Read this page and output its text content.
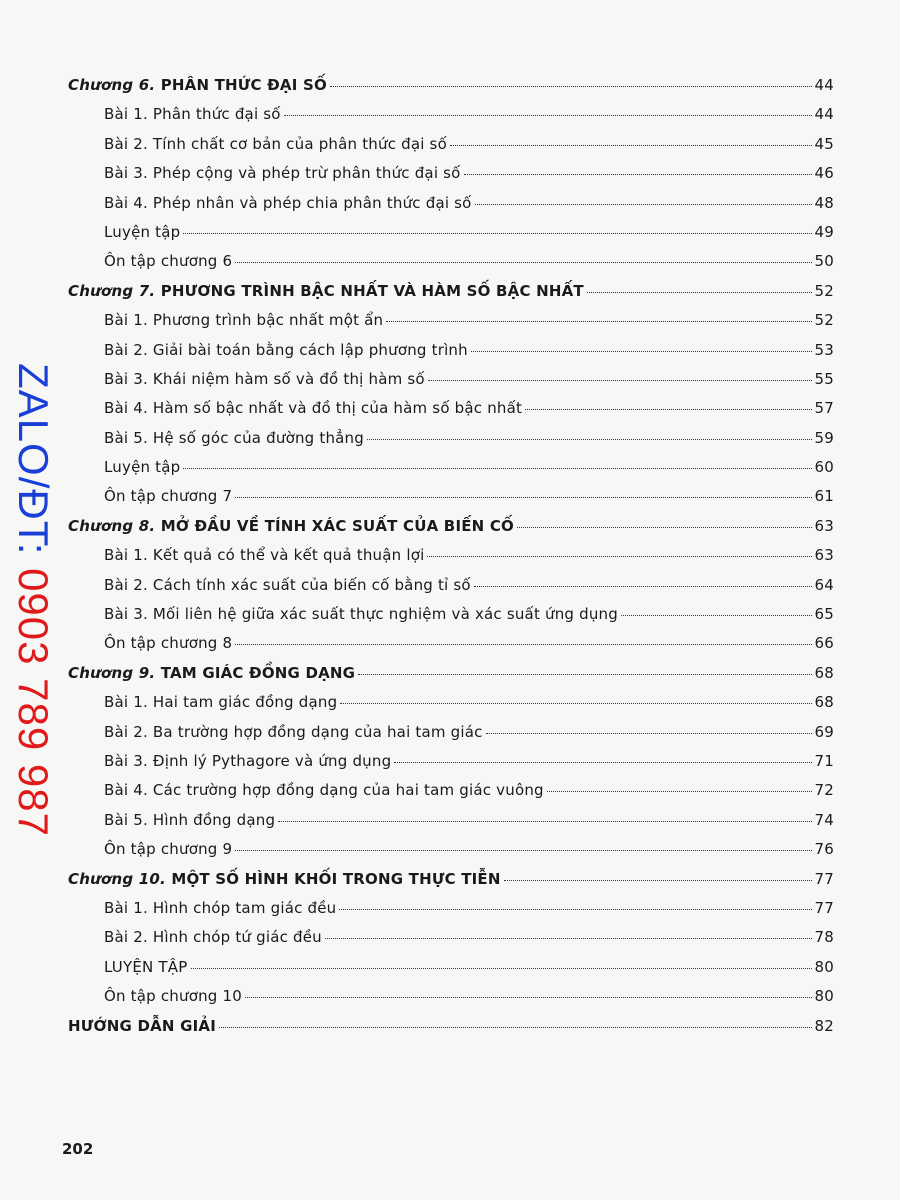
Chương 6. PHÂN THỨC ĐẠI SỐ	44
Bài 1. Phân thức đại số	44
Bài 2. Tính chất cơ bản của phân thức đại số	45
Bài 3. Phép cộng và phép trừ phân thức đại số	46
Bài 4. Phép nhân và phép chia phân thức đại số	48
Luyện tập	49
Ôn tập chương 6	50
Chương 7. PHƯƠNG TRÌNH BẬC NHẤT VÀ HÀM SỐ BẬC NHẤT	52
Bài 1. Phương trình bậc nhất một ẩn	52
Bài 2. Giải bài toán bằng cách lập phương trình	53
Bài 3. Khái niệm hàm số và đồ thị hàm số	55
Bài 4. Hàm số bậc nhất và đồ thị của hàm số bậc nhất	57
Bài 5. Hệ số góc của đường thẳng	59
Luyện tập	60
Ôn tập chương 7	61
Chương 8. MỞ ĐẦU VỀ TÍNH XÁC SUẤT CỦA BIẾN CỐ	63
Bài 1. Kết quả có thể và kết quả thuận lợi	63
Bài 2. Cách tính xác suất của biến cố bằng tỉ số	64
Bài 3. Mối liên hệ giữa xác suất thực nghiệm và xác suất ứng dụng	65
Ôn tập chương 8	66
Chương 9. TAM GIÁC ĐỒNG DẠNG	68
Bài 1. Hai tam giác đồng dạng	68
Bài 2. Ba trường hợp đồng dạng của hai tam giác	69
Bài 3. Định lý Pythagore và ứng dụng	71
Bài 4. Các trường hợp đồng dạng của hai tam giác vuông	72
Bài 5. Hình đồng dạng	74
Ôn tập chương 9	76
Chương 10. MỘT SỐ HÌNH KHỐI TRONG THỰC TIỄN	77
Bài 1. Hình chóp tam giác đều	77
Bài 2. Hình chóp tứ giác đều	78
LUYỆN TẬP	80
Ôn tập chương 10	80
HƯỚNG DẪN GIẢI	82
ZALO/ĐT: 0903 789 987
202
